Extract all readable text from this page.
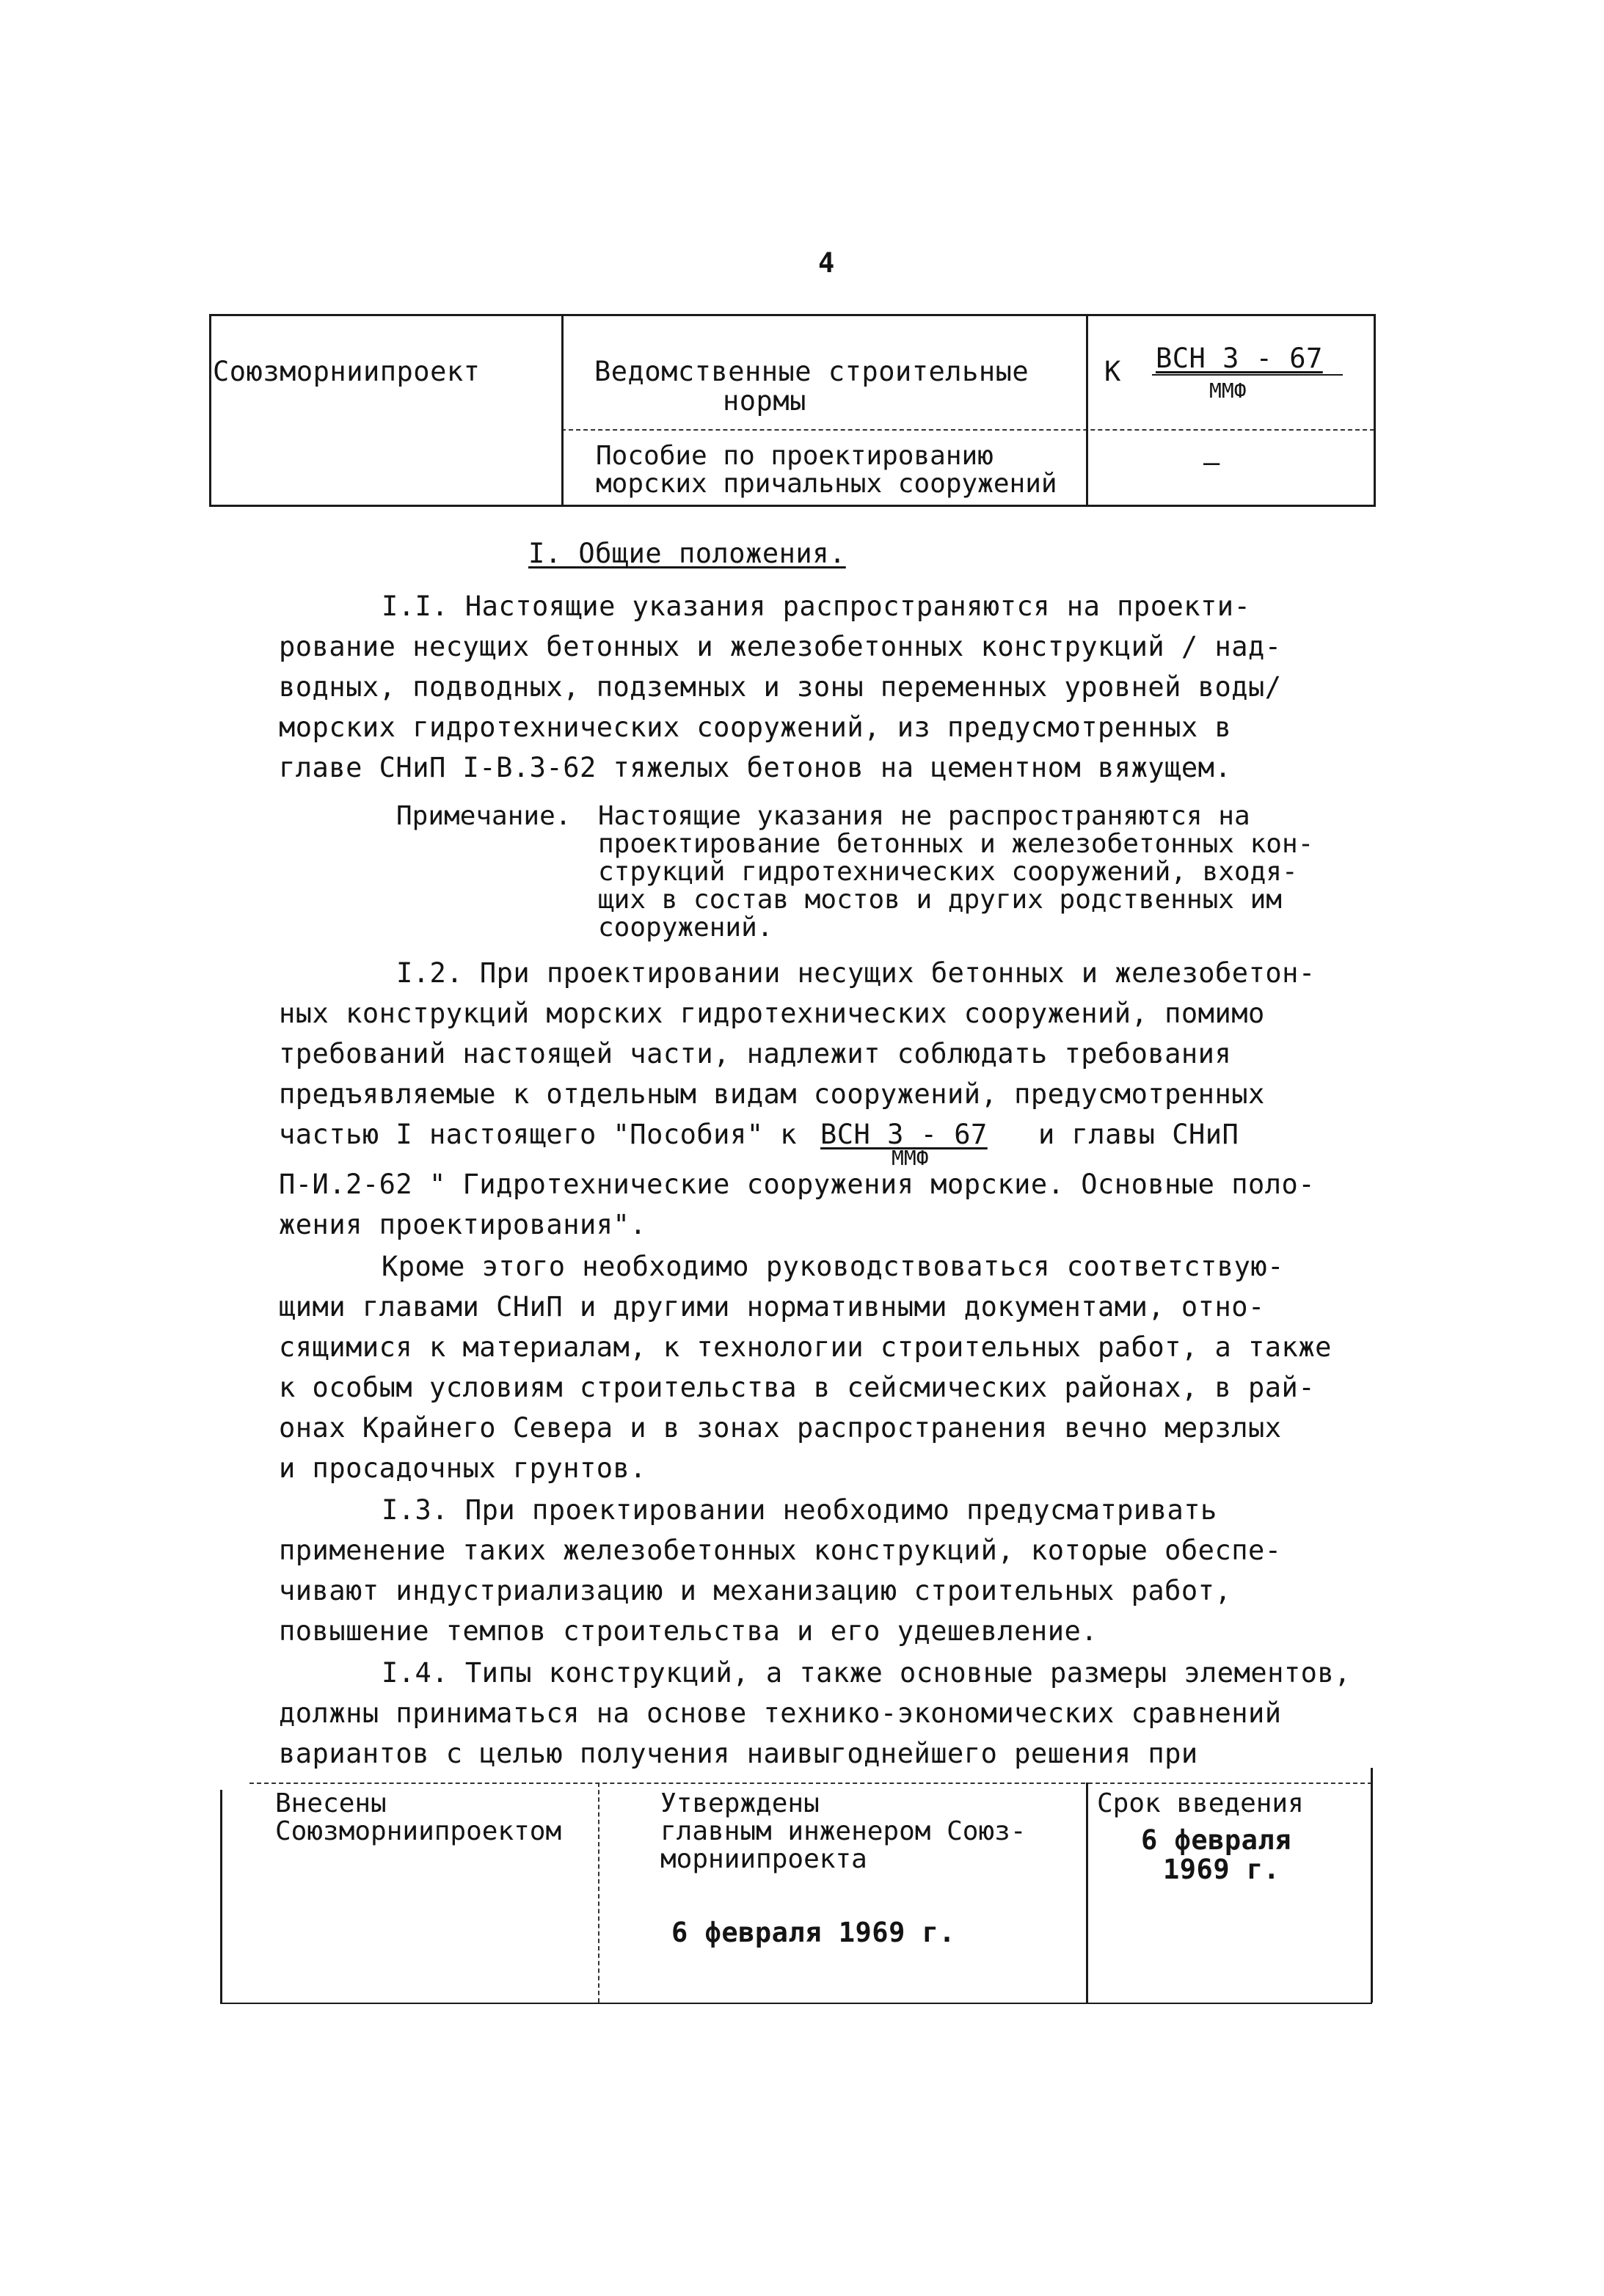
4
Союзморниипроект	Ведомственные строительные
нормы
К ВСН 3 - 67
ММФ
Пособие по проектированию
морских причальных сооружений
–
I. Общие положения.
I.I. Настоящие указания распространяются на проекти-
рование несущих бетонных и железобетонных конструкций / над-
водных, подводных, подземных и зоны переменных уровней воды/
морских гидротехнических сооружений, из предусмотренных в
главе СНиП I-В.3-62 тяжелых бетонов на цементном вяжущем.
Примечание. Настоящие указания не распространяются на
проектирование бетонных и железобетонных кон-
струкций гидротехнических сооружений, входя-
щих в состав мостов и других родственных им
сооружений.
I.2. При проектировании несущих бетонных и железобетон-
ных конструкций морских гидротехнических сооружений, помимо
требований настоящей части, надлежит соблюдать требования
предъявляемые к отдельным видам сооружений, предусмотренных
частью I настоящего "Пособия" к ВСН 3 - 67
ММФ
и главы СНиП
П-И.2-62 " Гидротехнические сооружения морские. Основные поло-
жения проектирования".
Кроме этого необходимо руководствоваться соответствую-
щими главами СНиП и другими нормативными документами, отно-
сящимися к материалам, к технологии строительных работ, а также
к особым условиям строительства в сейсмических районах, в рай-
онах Крайнего Севера и в зонах распространения вечно мерзлых
и просадочных грунтов.
I.3. При проектировании необходимо предусматривать
применение таких железобетонных конструкций, которые обеспе-
чивают индустриализацию и механизацию строительных работ,
повышение темпов строительства и его удешевление.
I.4. Типы конструкций, а также основные размеры элементов,
должны приниматься на основе технико-экономических сравнений
вариантов с целью получения наивыгоднейшего решения при
Внесены
Союзморниипроектом
Утверждены
главным инженером Союз-
морниипроекта
6 февраля 1969 г.
Срок введения
6 февраля
1969 г.
